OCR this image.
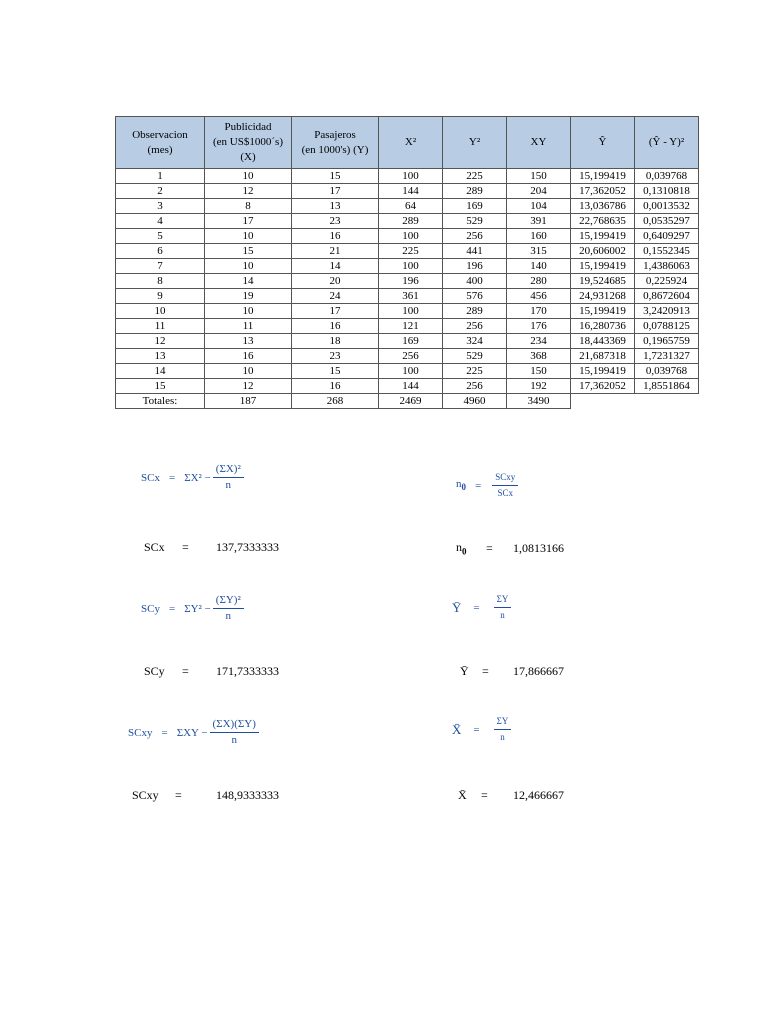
Observacion
(mes)	Publicidad
(en US$1000´s)
(X)	Pasajeros
(en 1000's) (Y)	X²	Y²	XY	Ŷ	(Ŷ - Y)²
1	10	15	100	225	150	15,199419	0,039768
2	12	17	144	289	204	17,362052	0,1310818
3	8	13	64	169	104	13,036786	0,0013532
4	17	23	289	529	391	22,768635	0,0535297
5	10	16	100	256	160	15,199419	0,6409297
6	15	21	225	441	315	20,606002	0,1552345
7	10	14	100	196	140	15,199419	1,4386063
8	14	20	196	400	280	19,524685	0,225924
9	19	24	361	576	456	24,931268	0,8672604
10	10	17	100	289	170	15,199419	3,2420913
11	11	16	121	256	176	16,280736	0,0788125
12	13	18	169	324	234	18,443369	0,1965759
13	16	23	256	529	368	21,687318	1,7231327
14	10	15	100	225	150	15,199419	0,039768
15	12	16	144	256	192	17,362052	1,8551864
Totales:	187	268	2469	4960	3490		
SCx = $\Sigma X^2 - \frac{\text{(ΣX)²}}{n}$	$n_0 = \frac{\text{SCxy}}{\text{SCx}}$
SCy = $\Sigma Y^2 - \frac{\text{(ΣY)²}}{n}$	Ȳ = $\frac{\Sigma Y}{n}$
SCxy = $\Sigma XY - \frac{(\Sigma X)(\Sigma Y)}{n}$	X̄ = $\frac{\Sigma Y}{n}$
SCx	=	137,7333333	$n_0$	=	1,0813166
SCy	=	171,7333333	Ȳ	=	17,866667
SCxy	=	148,9333333	X̄	=	12,466667
